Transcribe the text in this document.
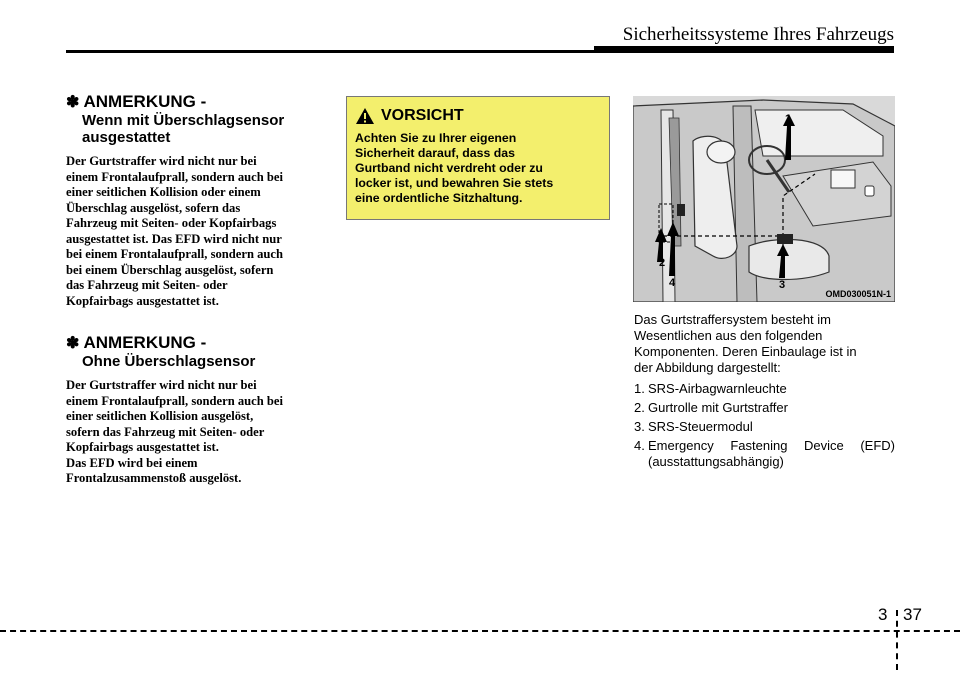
Sicherheitssysteme Ihres Fahrzeugs
✽ ANMERKUNG -
Wenn mit Überschlagsensor
ausgestattet

Der Gurtstraffer wird nicht nur bei
einem Frontalaufprall, sondern auch bei
einer seitlichen Kollision oder einem
Überschlag ausgelöst, sofern das
Fahrzeug mit Seiten- oder Kopfairbags
ausgestattet ist. Das EFD wird nicht nur
bei einem Frontalaufprall, sondern auch
bei einem Überschlag ausgelöst, sofern
das Fahrzeug mit Seiten- oder
Kopfairbags ausgestattet ist.

✽ ANMERKUNG -
Ohne Überschlagsensor

Der Gurtstraffer wird nicht nur bei
einem Frontalaufprall, sondern auch bei
einer seitlichen Kollision ausgelöst,
sofern das Fahrzeug mit Seiten- oder
Kopfairbags ausgestattet ist.
Das EFD wird bei einem
Frontalzusammenstoß ausgelöst.

VORSICHT
Achten Sie zu Ihrer eigenen
Sicherheit darauf, dass das
Gurtband nicht verdreht oder zu
locker ist, und bewahren Sie stets
eine ordentliche Sitzhaltung.
1
2
3
4
OMD030051N-1

Das Gurtstraffersystem besteht im
Wesentlichen aus den folgenden
Komponenten. Deren Einbaulage ist in
der Abbildung dargestellt:

1. SRS-Airbagwarnleuchte
2. Gurtrolle mit Gurtstraffer
3. SRS-Steuermodul
4. Emergency Fastening Device (EFD) (ausstattungsabhängig)
3 37
